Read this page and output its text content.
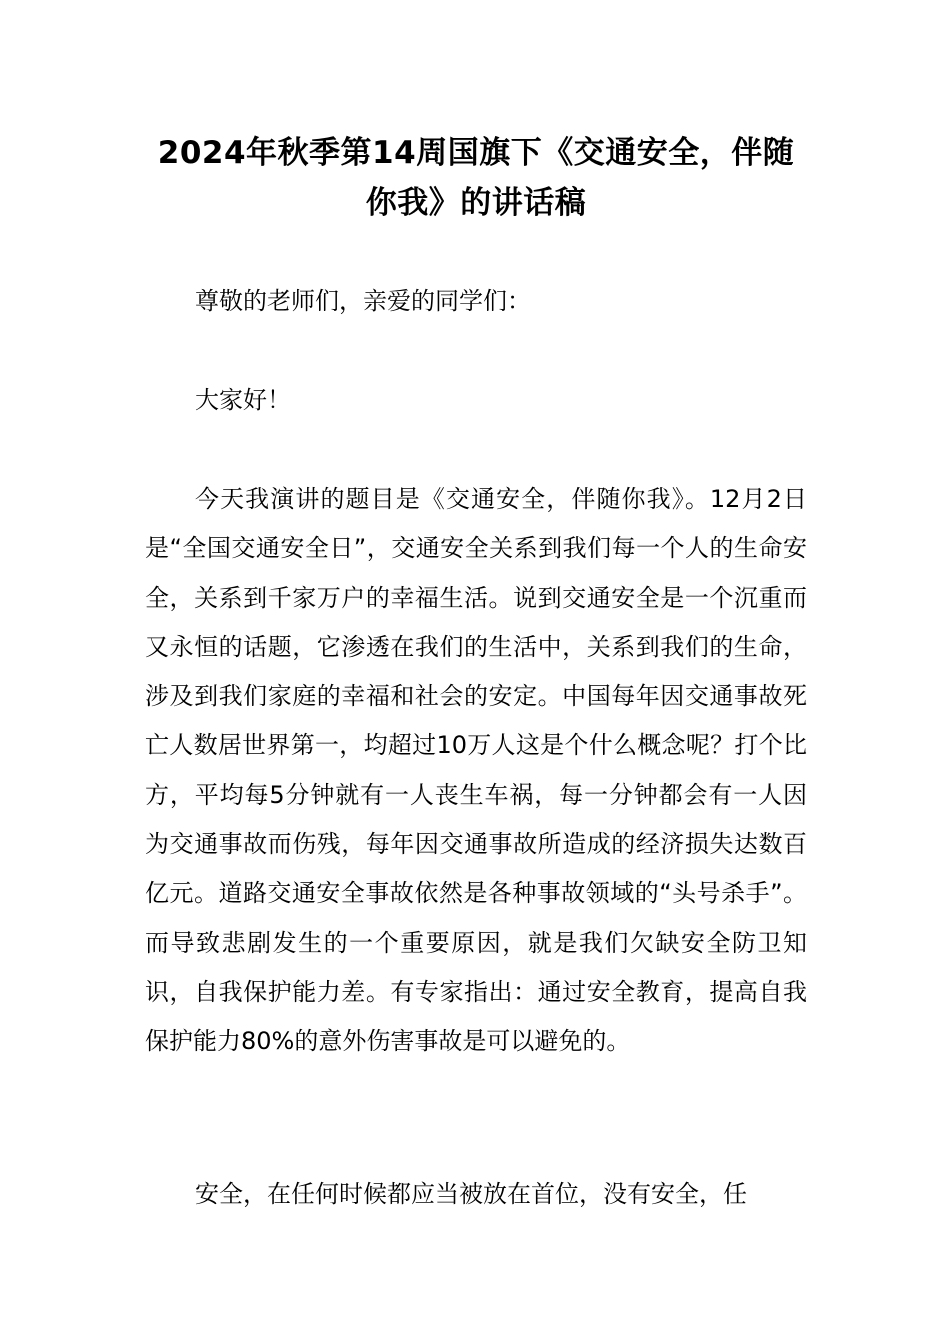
2024年秋季第14周国旗下《交通安全，伴随你我》的讲话稿

尊敬的老师们，亲爱的同学们：

大家好！

今天我演讲的题目是《交通安全，伴随你我》。12月2日是“全国交通安全日”，交通安全关系到我们每一个人的生命安全，关系到千家万户的幸福生活。说到交通安全是一个沉重而又永恒的话题，它渗透在我们的生活中，关系到我们的生命，涉及到我们家庭的幸福和社会的安定。中国每年因交通事故死亡人数居世界第一，均超过10万人这是个什么概念呢？打个比方，平均每5分钟就有一人丧生车祸，每一分钟都会有一人因为交通事故而伤残，每年因交通事故所造成的经济损失达数百亿元。道路交通安全事故依然是各种事故领域的“头号杀手”。而导致悲剧发生的一个重要原因，就是我们欠缺安全防卫知识，自我保护能力差。有专家指出：通过安全教育，提高自我保护能力80%的意外伤害事故是可以避免的。

安全，在任何时候都应当被放在首位，没有安全，任
